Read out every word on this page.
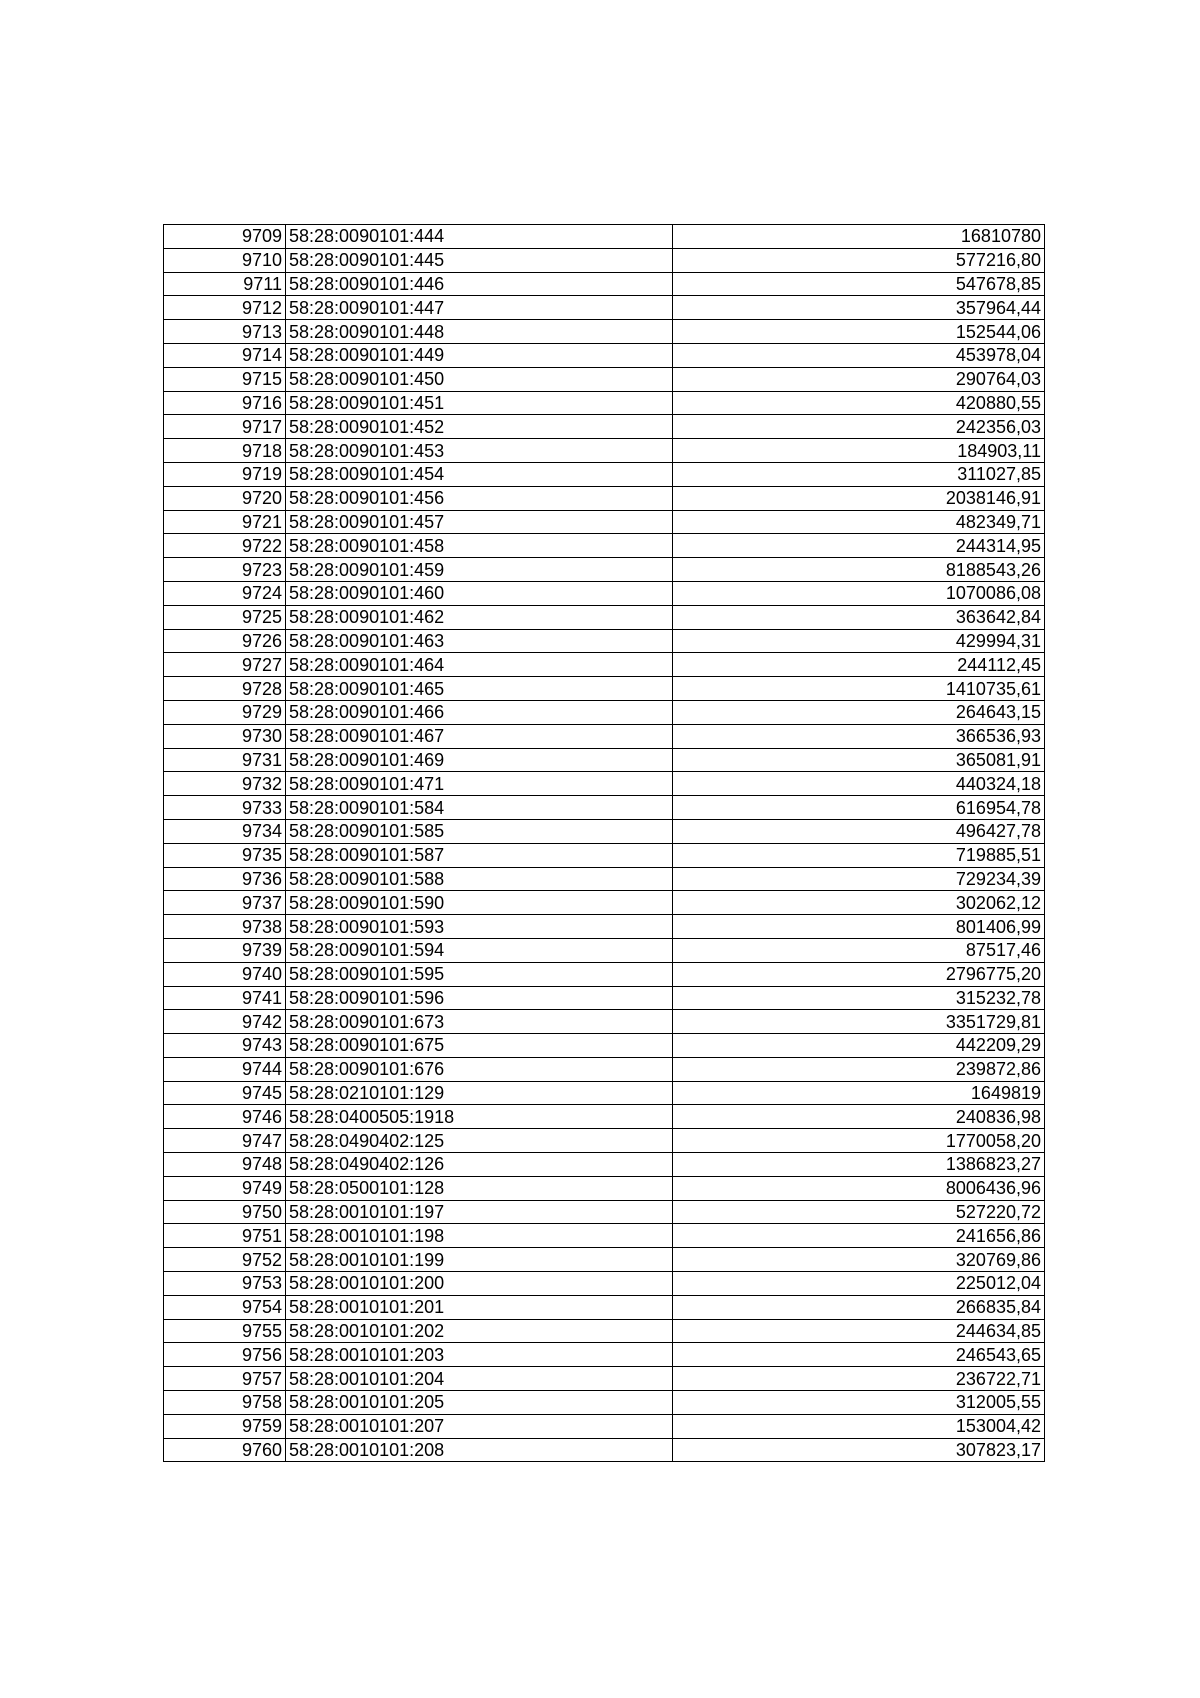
9709	58:28:0090101:444	16810780
9710	58:28:0090101:445	577216,80
9711	58:28:0090101:446	547678,85
9712	58:28:0090101:447	357964,44
9713	58:28:0090101:448	152544,06
9714	58:28:0090101:449	453978,04
9715	58:28:0090101:450	290764,03
9716	58:28:0090101:451	420880,55
9717	58:28:0090101:452	242356,03
9718	58:28:0090101:453	184903,11
9719	58:28:0090101:454	311027,85
9720	58:28:0090101:456	2038146,91
9721	58:28:0090101:457	482349,71
9722	58:28:0090101:458	244314,95
9723	58:28:0090101:459	8188543,26
9724	58:28:0090101:460	1070086,08
9725	58:28:0090101:462	363642,84
9726	58:28:0090101:463	429994,31
9727	58:28:0090101:464	244112,45
9728	58:28:0090101:465	1410735,61
9729	58:28:0090101:466	264643,15
9730	58:28:0090101:467	366536,93
9731	58:28:0090101:469	365081,91
9732	58:28:0090101:471	440324,18
9733	58:28:0090101:584	616954,78
9734	58:28:0090101:585	496427,78
9735	58:28:0090101:587	719885,51
9736	58:28:0090101:588	729234,39
9737	58:28:0090101:590	302062,12
9738	58:28:0090101:593	801406,99
9739	58:28:0090101:594	87517,46
9740	58:28:0090101:595	2796775,20
9741	58:28:0090101:596	315232,78
9742	58:28:0090101:673	3351729,81
9743	58:28:0090101:675	442209,29
9744	58:28:0090101:676	239872,86
9745	58:28:0210101:129	1649819
9746	58:28:0400505:1918	240836,98
9747	58:28:0490402:125	1770058,20
9748	58:28:0490402:126	1386823,27
9749	58:28:0500101:128	8006436,96
9750	58:28:0010101:197	527220,72
9751	58:28:0010101:198	241656,86
9752	58:28:0010101:199	320769,86
9753	58:28:0010101:200	225012,04
9754	58:28:0010101:201	266835,84
9755	58:28:0010101:202	244634,85
9756	58:28:0010101:203	246543,65
9757	58:28:0010101:204	236722,71
9758	58:28:0010101:205	312005,55
9759	58:28:0010101:207	153004,42
9760	58:28:0010101:208	307823,17
